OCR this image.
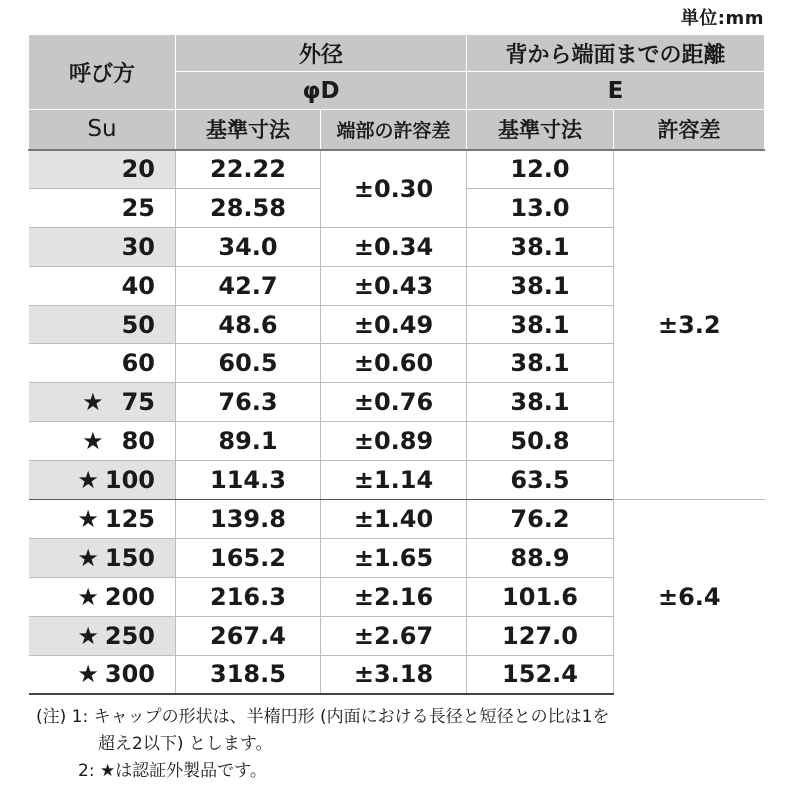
単位:mm
呼び方	外径		背から端面までの距離	
	φD		E	
Su	基準寸法	端部の許容差	基準寸法	許容差
20	22.22	±0.30	12.0	±3.2
25	28.58		13.0	
30	34.0	±0.34	38.1	
40	42.7	±0.43	38.1	
50	48.6	±0.49	38.1	
60	60.5	±0.60	38.1	
★ 75	76.3	±0.76	38.1	
★ 80	89.1	±0.89	50.8	
★ 100	114.3	±1.14	63.5	
★ 125	139.8	±1.40	76.2	±6.4
★ 150	165.2	±1.65	88.9	
★ 200	216.3	±2.16	101.6	
★ 250	267.4	±2.67	127.0	
★ 300	318.5	±3.18	152.4	
(注) 1: キャップの形状は、半楕円形 (内面における長径と短径との比は1を
超え2以下) とします。
2: ★は認証外製品です。
